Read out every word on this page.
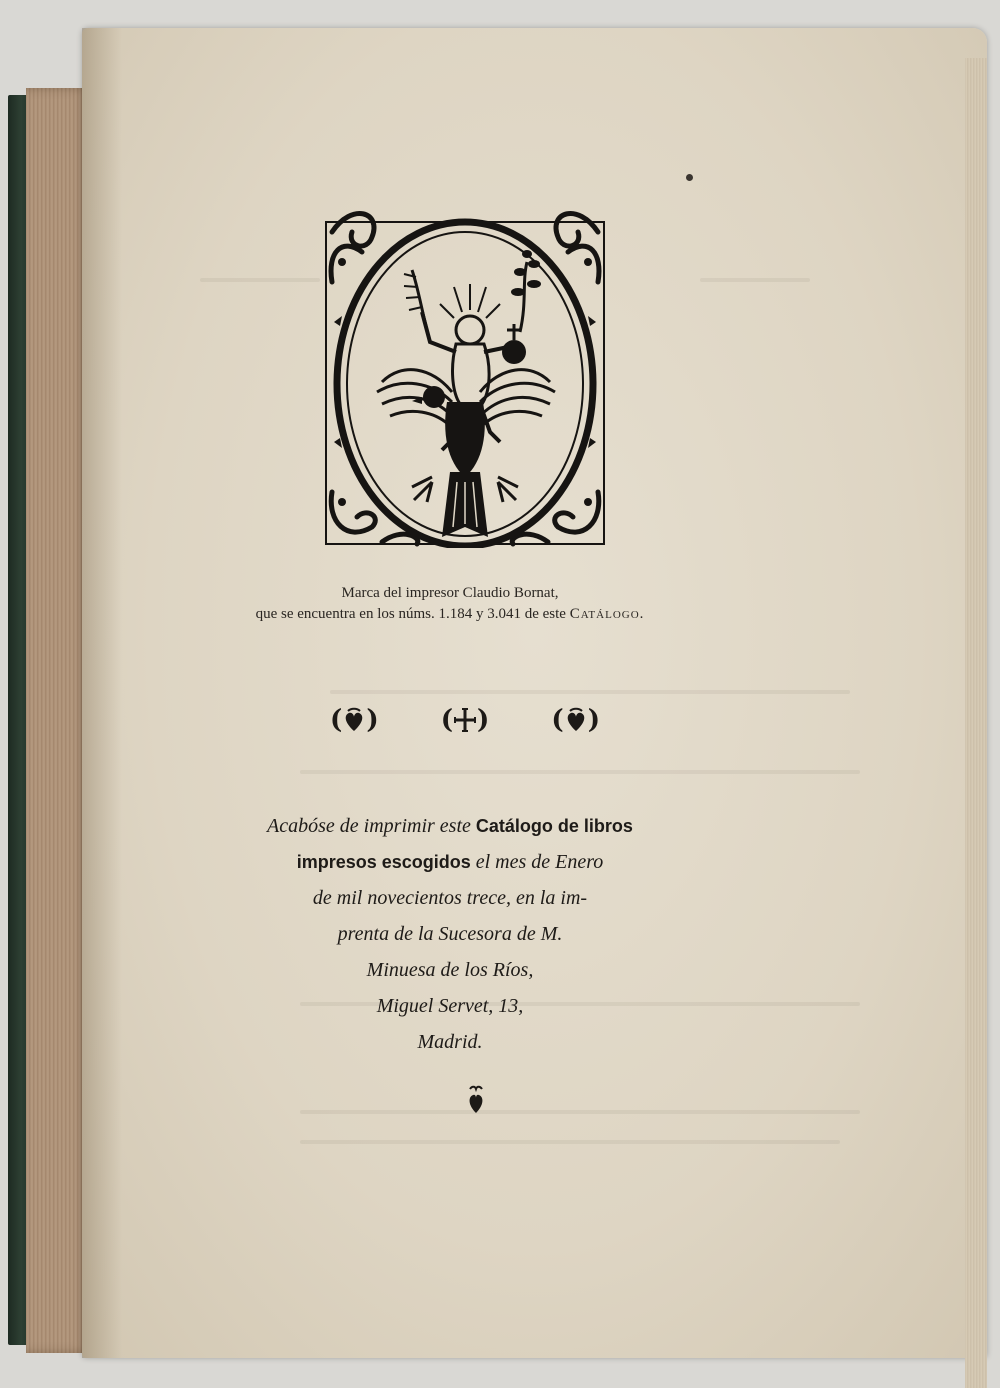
Marca del impresor Claudio Bornat,
que se encuentra en los núms. 1.184 y 3.041 de este Catálogo.
( ) ( ) ( )
Acabóse de imprimir este Catálogo de libros
impresos escogidos el mes de Enero
de mil novecientos trece, en la im-
prenta de la Sucesora de M.
Minuesa de los Ríos,
Miguel Servet, 13,
Madrid.
